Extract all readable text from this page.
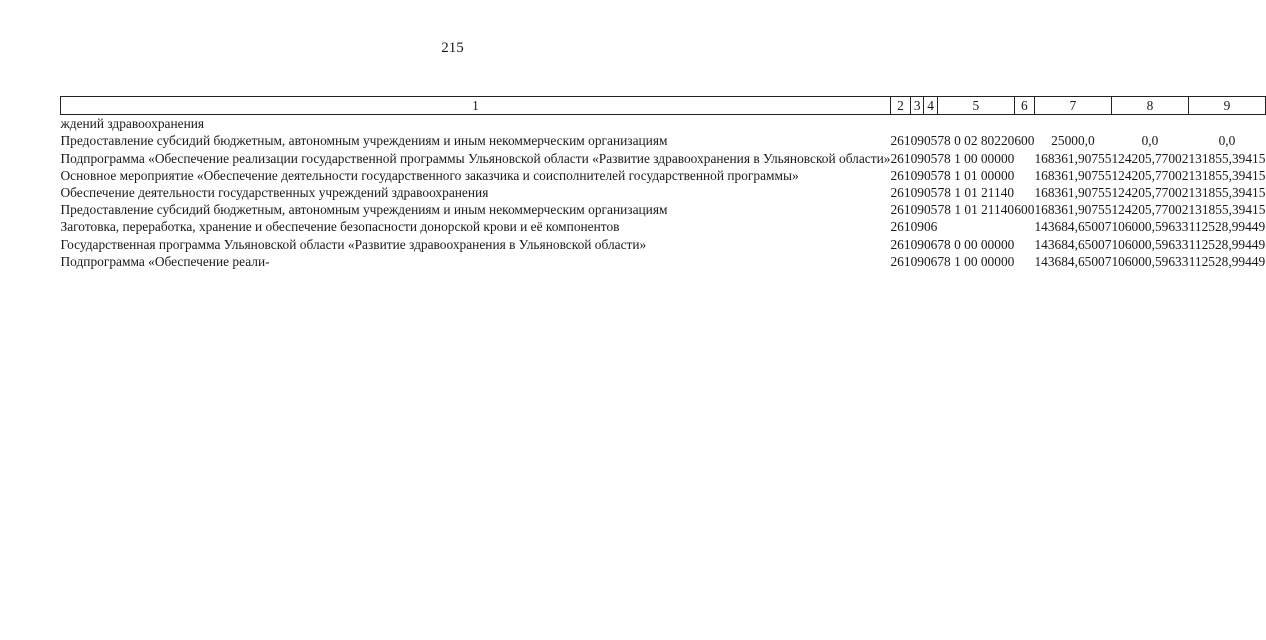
215
1	2	3	4	5	6	7	8	9
ждений здравоохранения								
Предоставление субсидий бюджетным, автономным учреждениям и иным некоммерческим организациям	261	09	05	78 0 02 80220	600	25000,0	0,0	0,0
Подпрограмма «Обеспечение реализации государственной программы Ульяновской области «Развитие здравоохранения в Ульяновской области»	261	09	05	78 1 00 00000		168361,90755	124205,77002	131855,39415
Основное мероприятие «Обеспечение деятельности государственного заказчика и соисполнителей государственной программы»	261	09	05	78 1 01 00000		168361,90755	124205,77002	131855,39415
Обеспечение деятельности государственных учреждений здравоохранения	261	09	05	78 1 01 21140		168361,90755	124205,77002	131855,39415
Предоставление субсидий бюджетным, автономным учреждениям и иным некоммерческим организациям	261	09	05	78 1 01 21140	600	168361,90755	124205,77002	131855,39415
Заготовка, переработка, хранение и обеспечение безопасности донорской крови и её компонентов	261	09	06			143684,65007	106000,59633	112528,99449
Государственная программа Ульяновской области «Развитие здравоохранения в Ульяновской области»	261	09	06	78 0 00 00000		143684,65007	106000,59633	112528,99449
Подпрограмма «Обеспечение реали-	261	09	06	78 1 00 00000		143684,65007	106000,59633	112528,99449
